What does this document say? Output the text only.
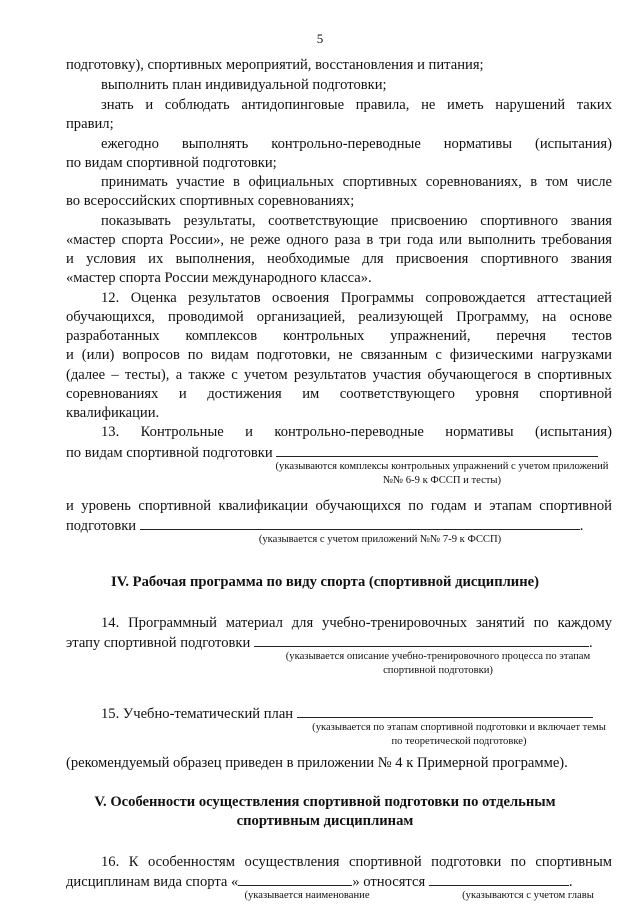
5
подготовку), спортивных мероприятий, восстановления и питания;
выполнить план индивидуальной подготовки;
знать и соблюдать антидопинговые правила, не иметь нарушений таких
правил;
ежегодно выполнять контрольно-переводные нормативы (испытания)
по видам спортивной подготовки;
принимать участие в официальных спортивных соревнованиях, в том числе
во всероссийских спортивных соревнованиях;
показывать результаты, соответствующие присвоению спортивного звания
«мастер спорта России», не реже одного раза в три года или выполнить требования
и условия их выполнения, необходимые для присвоения спортивного звания
«мастер спорта России международного класса».
12. Оценка результатов освоения Программы сопровождается аттестацией
обучающихся, проводимой организацией, реализующей Программу, на основе
разработанных комплексов контрольных упражнений, перечня тестов
и (или) вопросов по видам подготовки, не связанным с физическими нагрузками
(далее – тесты), а также с учетом результатов участия обучающегося в спортивных
соревнованиях и достижения им соответствующего уровня спортивной
квалификации.
13. Контрольные и контрольно-переводные нормативы (испытания)
по видам спортивной подготовки
(указываются комплексы контрольных упражнений с учетом приложений
№№ 6-9 к ФССП и тесты)
и уровень спортивной квалификации обучающихся по годам и этапам спортивной
подготовки	.
(указывается с учетом приложений №№ 7-9 к ФССП)
IV. Рабочая программа по виду спорта (спортивной дисциплине)
14. Программный материал для учебно-тренировочных занятий по каждому
этапу спортивной подготовки	.
(указывается описание учебно-тренировочного процесса по этапам
спортивной подготовки)
15. Учебно-тематический план
(указывается по этапам спортивной подготовки и включает темы
по теоретической подготовке)
(рекомендуемый образец приведен в приложении № 4 к Примерной программе).
V. Особенности осуществления спортивной подготовки по отдельным
спортивным дисциплинам
16. К особенностям осуществления спортивной подготовки по спортивным
дисциплинам вида спорта «	» относятся	.
(указывается наименование	(указываются с учетом главы
